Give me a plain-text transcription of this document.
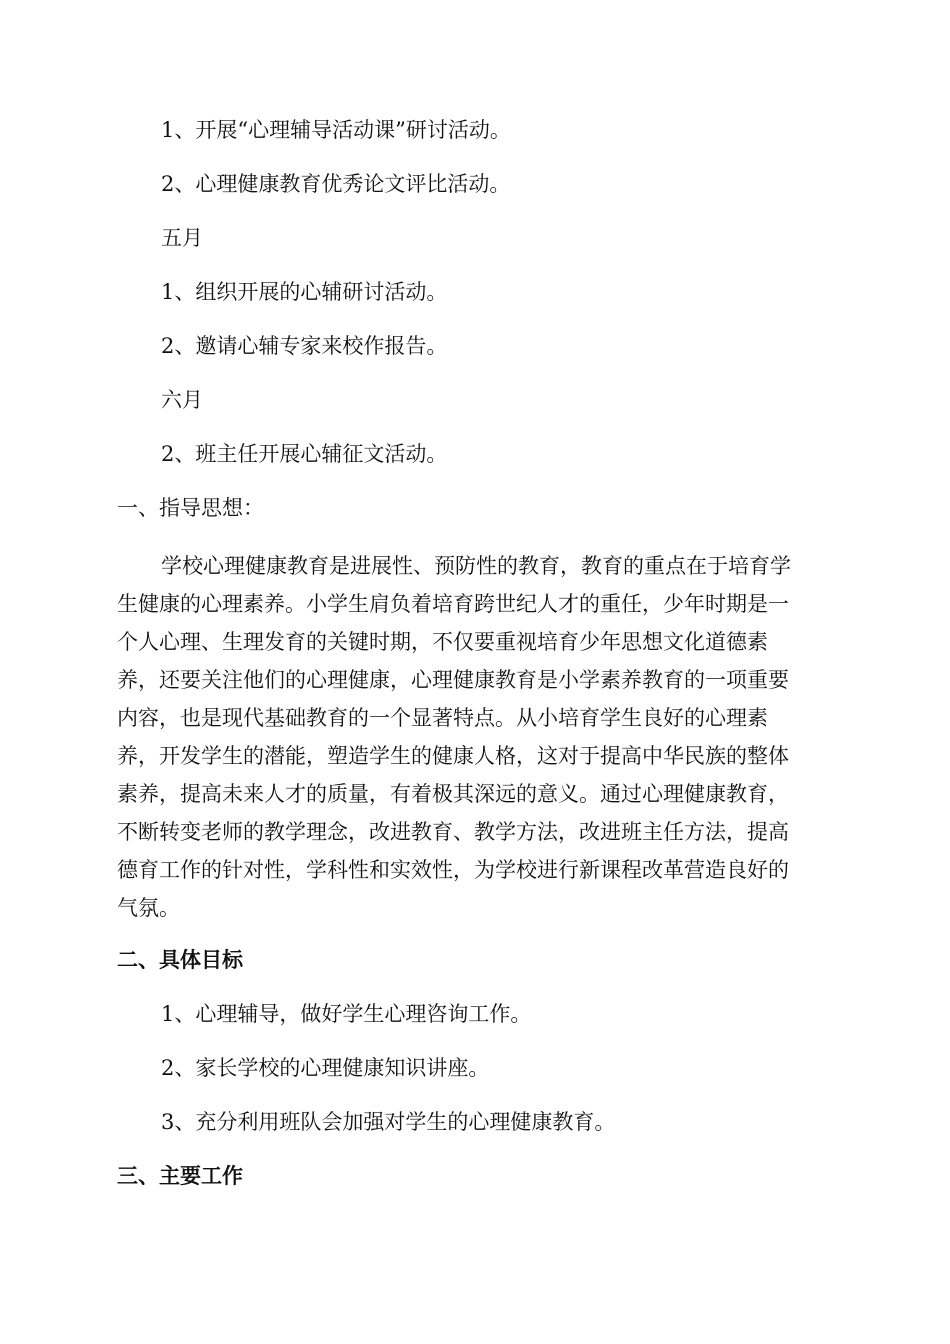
1、开展“心理辅导活动课”研讨活动。
2、心理健康教育优秀论文评比活动。
五月
1、组织开展的心辅研讨活动。
2、邀请心辅专家来校作报告。
六月
2、班主任开展心辅征文活动。
一、指导思想：
学校心理健康教育是进展性、预防性的教育，教育的重点在于培育学
生健康的心理素养。小学生肩负着培育跨世纪人才的重任，少年时期是一
个人心理、生理发育的关键时期，不仅要重视培育少年思想文化道德素
养，还要关注他们的心理健康，心理健康教育是小学素养教育的一项重要
内容，也是现代基础教育的一个显著特点。从小培育学生良好的心理素
养，开发学生的潜能，塑造学生的健康人格，这对于提高中华民族的整体
素养，提高未来人才的质量，有着极其深远的意义。通过心理健康教育，
不断转变老师的教学理念，改进教育、教学方法，改进班主任方法，提高
德育工作的针对性，学科性和实效性，为学校进行新课程改革营造良好的
气氛。
二、具体目标
1、心理辅导，做好学生心理咨询工作。
2、家长学校的心理健康知识讲座。
3、充分利用班队会加强对学生的心理健康教育。
三、主要工作
